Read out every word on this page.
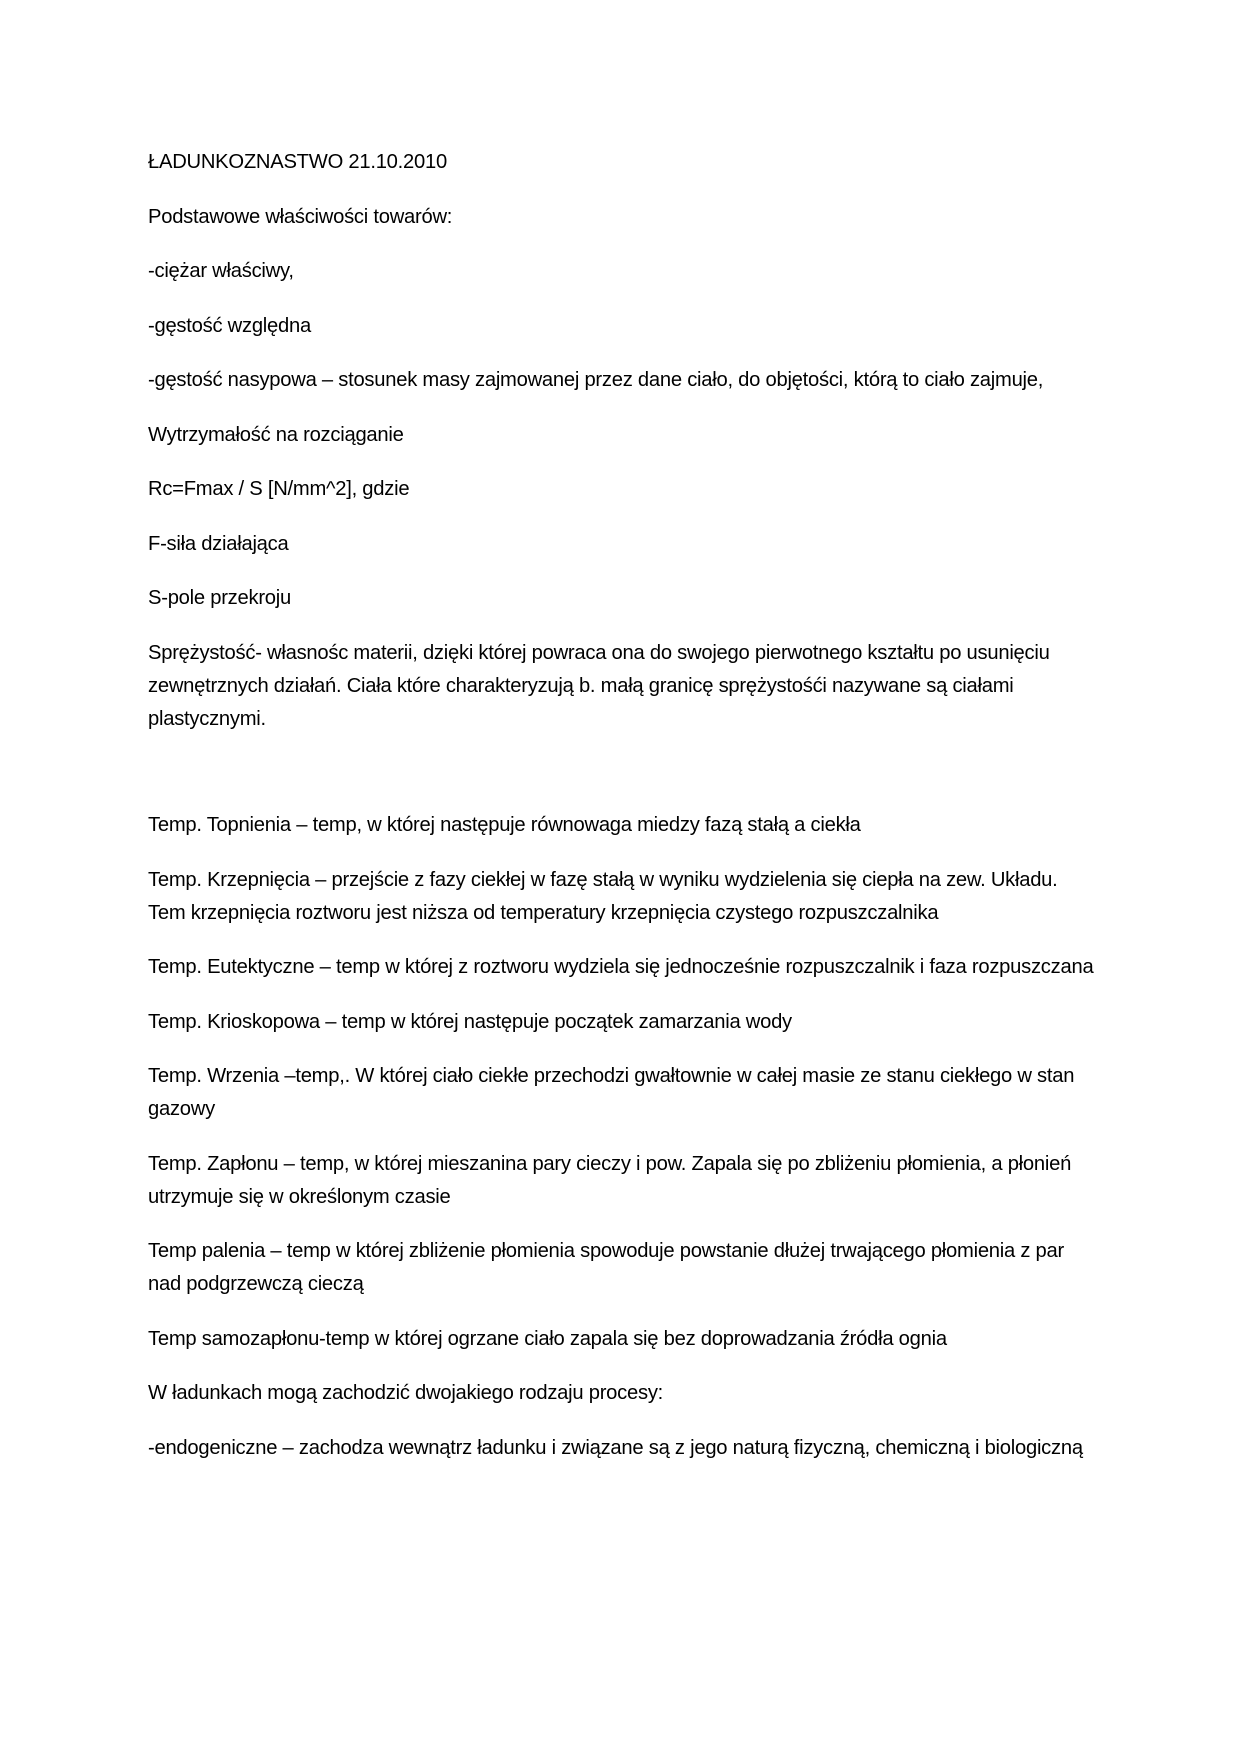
ŁADUNKOZNASTWO 21.10.2010

Podstawowe właściwości towarów:

-ciężar właściwy,

-gęstość względna

-gęstość nasypowa – stosunek masy zajmowanej przez dane ciało, do objętości, którą to ciało zajmuje,

Wytrzymałość na rozciąganie

Rc=Fmax / S [N/mm^2], gdzie

F-siła działająca

S-pole przekroju

Sprężystość- własnośc materii, dzięki której powraca ona do swojego pierwotnego kształtu po usunięciu zewnętrznych działań. Ciała które charakteryzują b. małą granicę sprężystośći nazywane są ciałami plastycznymi.

Temp. Topnienia – temp, w której następuje równowaga miedzy fazą stałą a ciekła

Temp. Krzepnięcia – przejście z fazy ciekłej w fazę stałą w wyniku wydzielenia się ciepła na zew. Układu. Tem krzepnięcia roztworu jest niższa od temperatury krzepnięcia czystego rozpuszczalnika

Temp. Eutektyczne – temp w której z roztworu wydziela się jednocześnie rozpuszczalnik i faza rozpuszczana

Temp. Krioskopowa – temp w której następuje początek zamarzania wody

Temp. Wrzenia –temp,. W której ciało ciekłe przechodzi gwałtownie w całej masie ze stanu ciekłego w stan gazowy

Temp. Zapłonu – temp, w której mieszanina pary cieczy i pow. Zapala się po zbliżeniu płomienia, a płonień utrzymuje się w określonym czasie

Temp palenia – temp w której zbliżenie płomienia spowoduje powstanie dłużej trwającego płomienia z par nad podgrzewczą cieczą

Temp samozapłonu-temp w której ogrzane ciało zapala się bez doprowadzania źródła ognia

W ładunkach mogą zachodzić dwojakiego rodzaju procesy:

-endogeniczne – zachodza wewnątrz ładunku i związane są z jego naturą fizyczną, chemiczną i biologiczną
